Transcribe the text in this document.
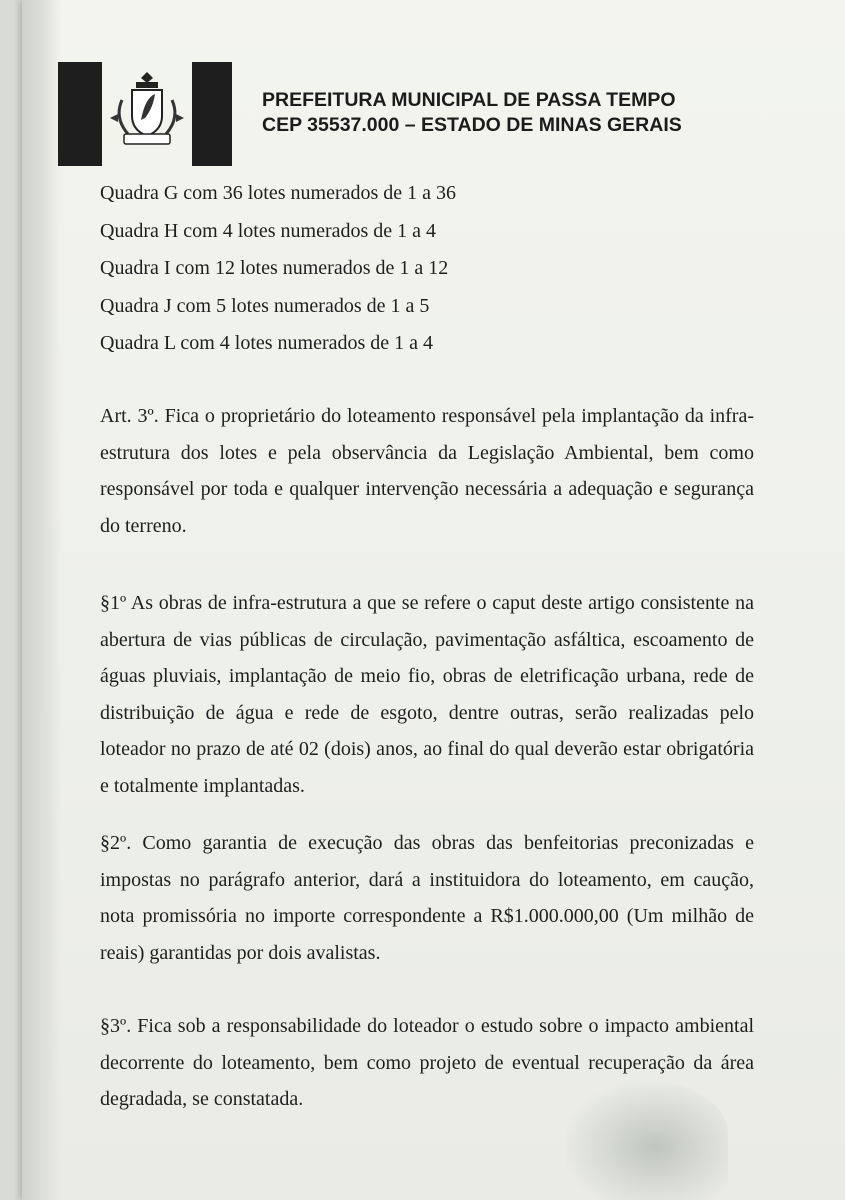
PREFEITURA MUNICIPAL DE PASSA TEMPO
CEP 35537.000 – ESTADO DE MINAS GERAIS
Quadra G com 36 lotes numerados de 1 a 36
Quadra H com 4 lotes numerados de 1 a 4
Quadra I com 12 lotes numerados de 1 a 12
Quadra J com 5 lotes numerados de 1 a 5
Quadra L com 4 lotes numerados de 1 a 4
Art. 3º. Fica o proprietário do loteamento responsável pela implantação da infra-estrutura dos lotes e pela observância da Legislação Ambiental, bem como responsável por toda e qualquer intervenção necessária a adequação e segurança do terreno.
§1º As obras de infra-estrutura a que se refere o caput deste artigo consistente na abertura de vias públicas de circulação, pavimentação asfáltica, escoamento de águas pluviais, implantação de meio fio, obras de eletrificação urbana, rede de distribuição de água e rede de esgoto, dentre outras, serão realizadas pelo loteador no prazo de até 02 (dois) anos, ao final do qual deverão estar obrigatória e totalmente implantadas.
§2º. Como garantia de execução das obras das benfeitorias preconizadas e impostas no parágrafo anterior, dará a instituidora do loteamento, em caução, nota promissória no importe correspondente a R$1.000.000,00 (Um milhão de reais) garantidas por dois avalistas.
§3º. Fica sob a responsabilidade do loteador o estudo sobre o impacto ambiental decorrente do loteamento, bem como projeto de eventual recuperação da área degradada, se constatada.
